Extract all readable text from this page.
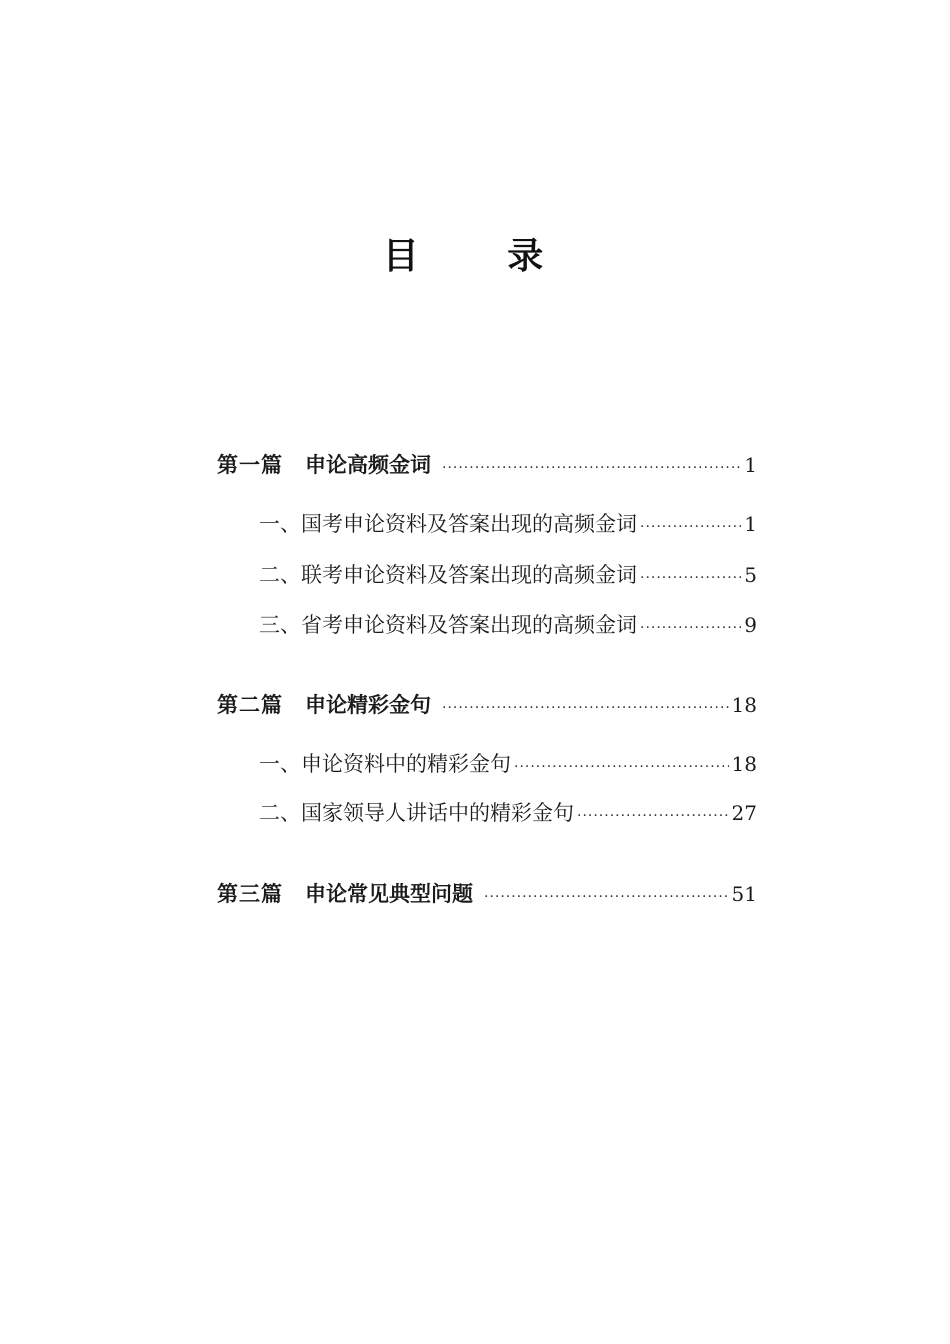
目 录
第一篇	申论高频金词 ·····	1
一、国考申论资料及答案出现的高频金词 ·····	1
二、联考申论资料及答案出现的高频金词 ·····	5
三、省考申论资料及答案出现的高频金词 ·····	9
第二篇	申论精彩金句 ·····	18
一、申论资料中的精彩金句 ·····	18
二、国家领导人讲话中的精彩金句 ·····	27
第三篇	申论常见典型问题 ·····	51
